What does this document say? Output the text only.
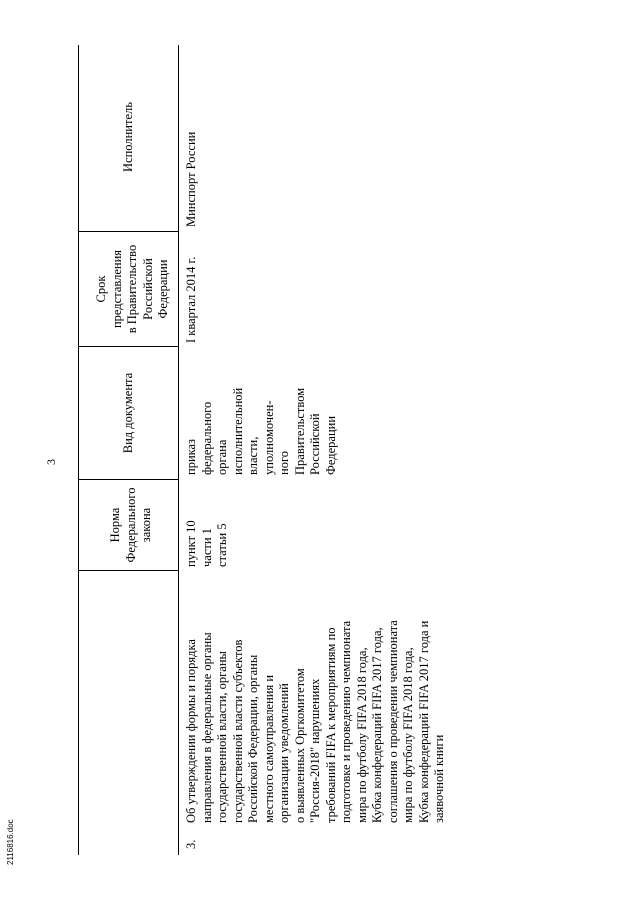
3
Норма
Федерального
закона
Вид документа
Срок
представления
в Правительство
Российской
Федерации
Исполнитель
3.
Об утверждении формы и порядка
направления в федеральные органы
государственной власти, органы
государственной власти субъектов
Российской Федерации, органы
местного самоуправления и
организации уведомлений
о выявленных Оргкомитетом
"Россия-2018" нарушениях
требований FIFA к мероприятиям по
подготовке и проведению чемпионата
мира по футболу FIFA 2018 года,
Кубка конфедераций FIFA 2017 года,
соглашения о проведении чемпионата
мира по футболу FIFA 2018 года,
Кубка конфедераций FIFA 2017 года и
заявочной книги
пункт 10
части 1
статьи 5
приказ
федерального
органа
исполнительной
власти,
уполномочен-
ного
Правительством
Российской
Федерации
I квартал 2014 г.
Минспорт России
2116816.doc
